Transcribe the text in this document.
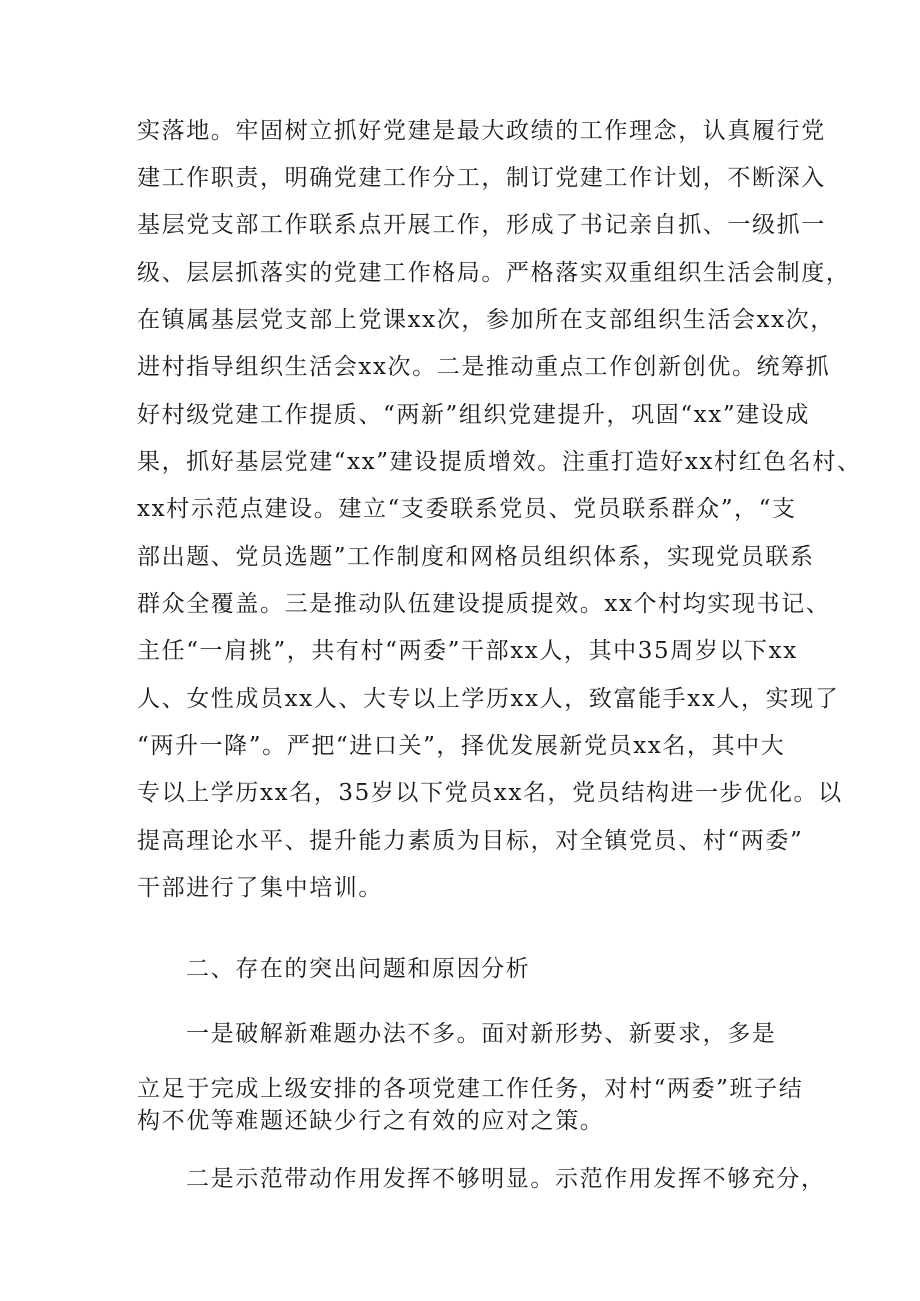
实落地。牢固树立抓好党建是最大政绩的工作理念，认真履行党
建工作职责，明确党建工作分工，制订党建工作计划，不断深入
基层党支部工作联系点开展工作，形成了书记亲自抓、一级抓一
级、层层抓落实的党建工作格局。严格落实双重组织生活会制度，
在镇属基层党支部上党课xx次，参加所在支部组织生活会xx次，
进村指导组织生活会xx次。二是推动重点工作创新创优。统筹抓
好村级党建工作提质、“两新”组织党建提升，巩固“xx”建设成
果，抓好基层党建“xx”建设提质增效。注重打造好xx村红色名村、
xx村示范点建设。建立“支委联系党员、党员联系群众”，“支
部出题、党员选题”工作制度和网格员组织体系，实现党员联系
群众全覆盖。三是推动队伍建设提质提效。xx个村均实现书记、
主任“一肩挑”，共有村“两委”干部xx人，其中35周岁以下xx
人、女性成员xx人、大专以上学历xx人，致富能手xx人，实现了
“两升一降”。严把“进口关”，择优发展新党员xx名，其中大
专以上学历xx名，35岁以下党员xx名，党员结构进一步优化。以
提高理论水平、提升能力素质为目标，对全镇党员、村“两委”
干部进行了集中培训。
二、存在的突出问题和原因分析
一是破解新难题办法不多。面对新形势、新要求，多是
立足于完成上级安排的各项党建工作任务，对村“两委”班子结
构不优等难题还缺少行之有效的应对之策。
二是示范带动作用发挥不够明显。示范作用发挥不够充分，
